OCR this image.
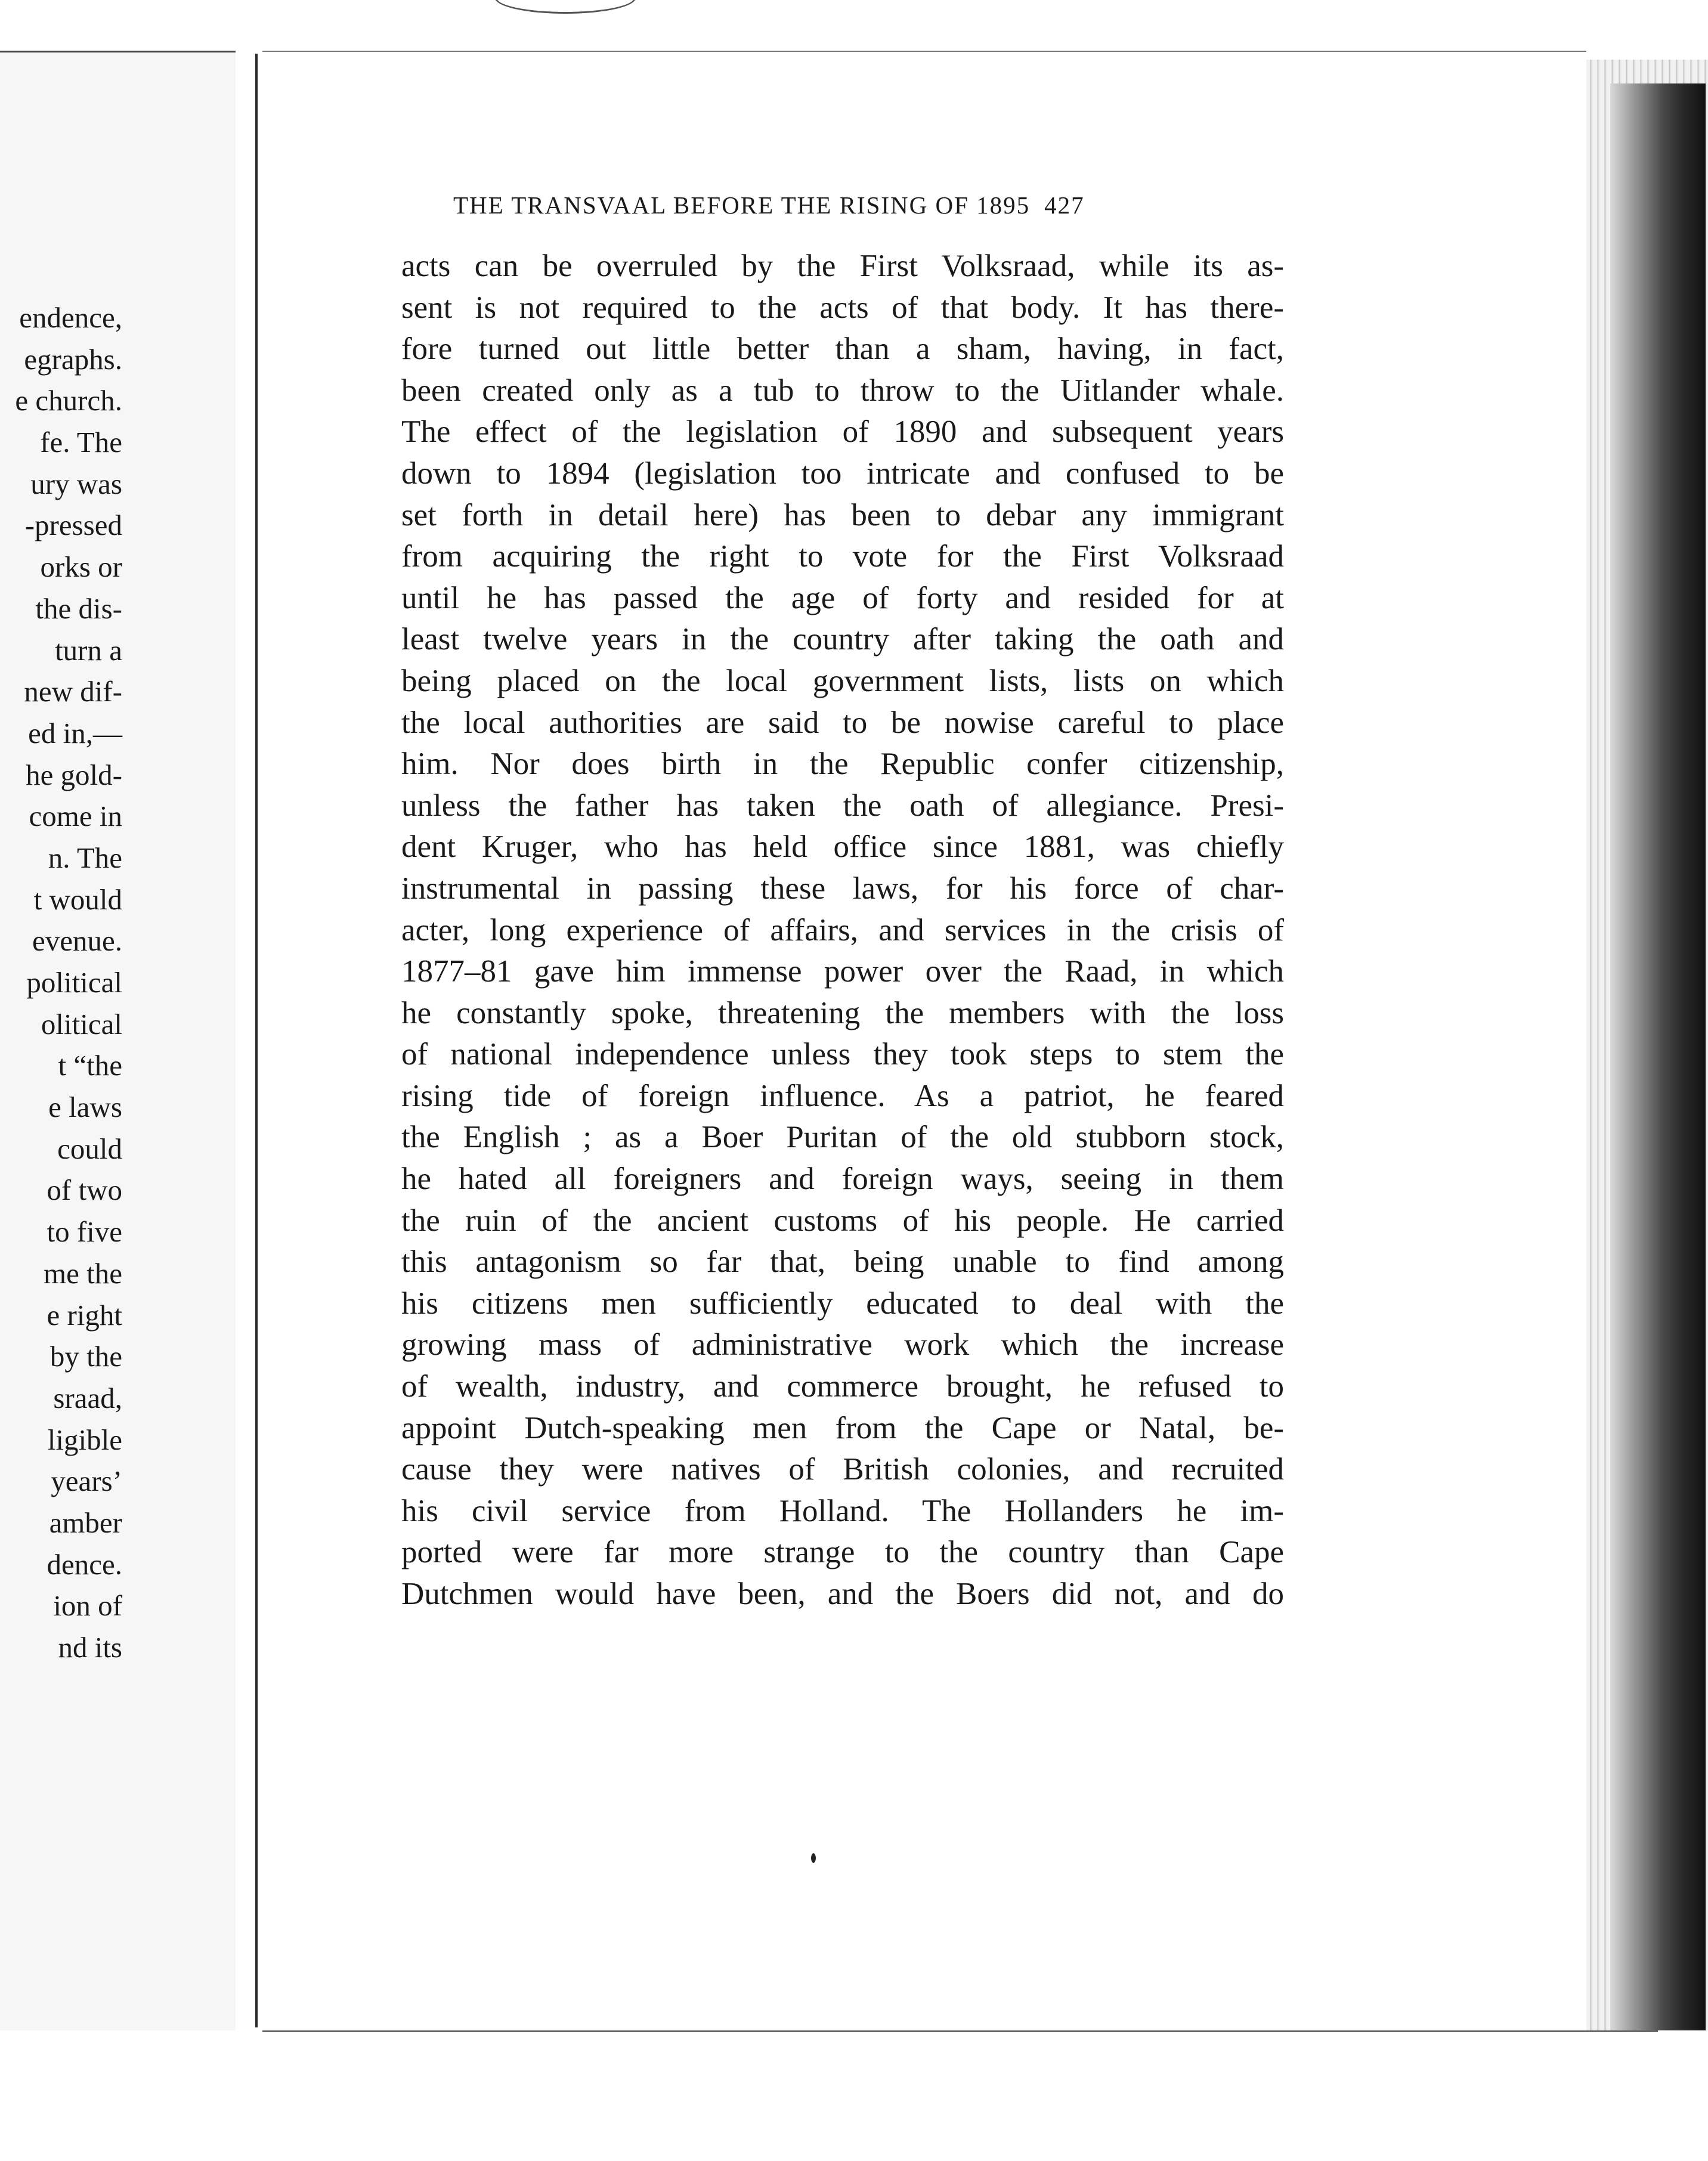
endence,
egraphs.
e church.
fe. The
ury was
-pressed
orks or
the dis-
turn a
new dif-
ed in,—
he gold-
come in
n. The
t would
evenue.
political
olitical
t “the
e laws
could
of two
to five
me the
e right
by the
sraad,
ligible
years’
amber
dence.
ion of
nd its
THE TRANSVAAL BEFORE THE RISING OF 1895 427
acts can be overruled by the First Volksraad, while its as-
sent is not required to the acts of that body. It has there-
fore turned out little better than a sham, having, in fact,
been created only as a tub to throw to the Uitlander whale.
The effect of the legislation of 1890 and subsequent years
down to 1894 (legislation too intricate and confused to be
set forth in detail here) has been to debar any immigrant
from acquiring the right to vote for the First Volksraad
until he has passed the age of forty and resided for at
least twelve years in the country after taking the oath and
being placed on the local government lists, lists on which
the local authorities are said to be nowise careful to place
him. Nor does birth in the Republic confer citizenship,
unless the father has taken the oath of allegiance. Presi-
dent Kruger, who has held office since 1881, was chiefly
instrumental in passing these laws, for his force of char-
acter, long experience of affairs, and services in the crisis of
1877–81 gave him immense power over the Raad, in which
he constantly spoke, threatening the members with the loss
of national independence unless they took steps to stem the
rising tide of foreign influence. As a patriot, he feared
the English ; as a Boer Puritan of the old stubborn stock,
he hated all foreigners and foreign ways, seeing in them
the ruin of the ancient customs of his people. He carried
this antagonism so far that, being unable to find among
his citizens men sufficiently educated to deal with the
growing mass of administrative work which the increase
of wealth, industry, and commerce brought, he refused to
appoint Dutch-speaking men from the Cape or Natal, be-
cause they were natives of British colonies, and recruited
his civil service from Holland. The Hollanders he im-
ported were far more strange to the country than Cape
Dutchmen would have been, and the Boers did not, and do
